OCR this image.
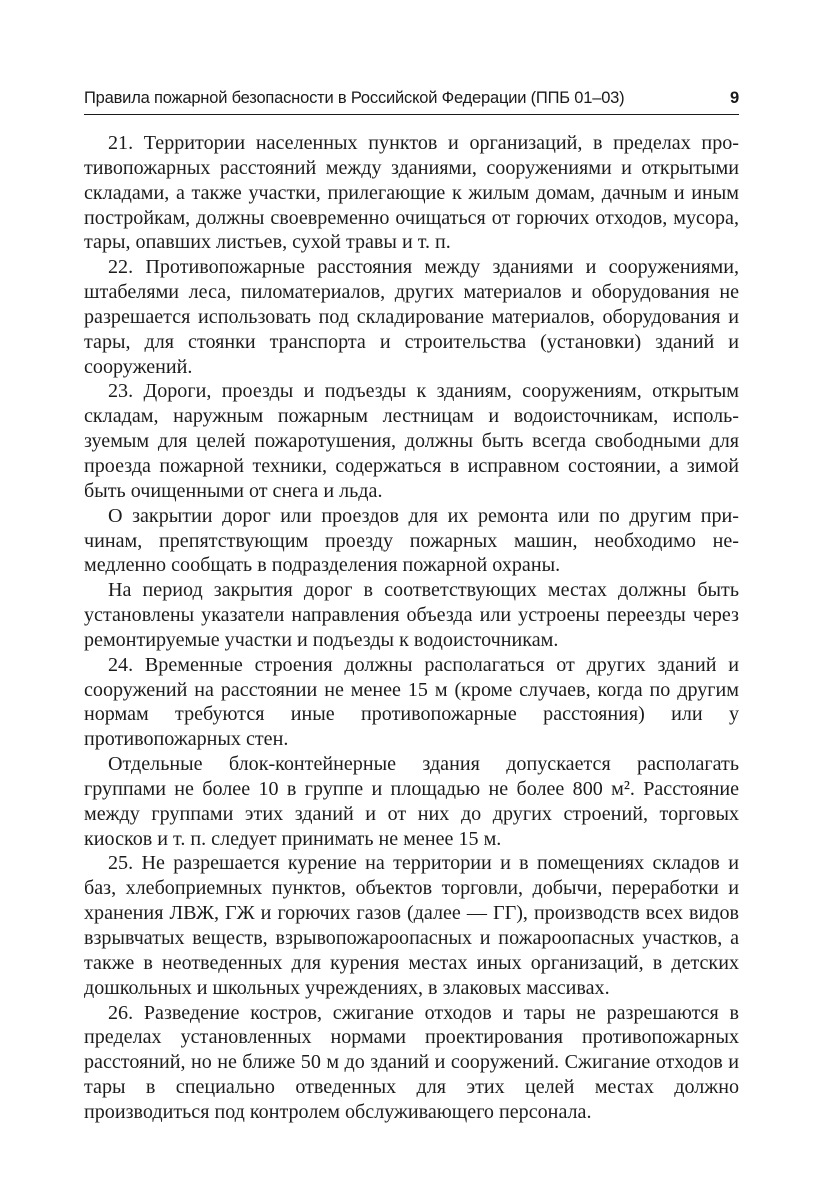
Правила пожарной безопасности в Российской Федерации (ППБ 01–03)	9

21. Территории населенных пунктов и организаций, в пределах противопожарных расстояний между зданиями, сооружениями и открытыми складами, а также участки, прилегающие к жилым домам, дачным и иным постройкам, должны своевременно очищаться от горючих отходов, мусора, тары, опавших листьев, сухой травы и т. п.

22. Противопожарные расстояния между зданиями и сооружениями, штабелями леса, пиломатериалов, других материалов и оборудования не разрешается использовать под складирование материалов, оборудования и тары, для стоянки транспорта и строительства (установки) зданий и сооружений.

23. Дороги, проезды и подъезды к зданиям, сооружениям, открытым складам, наружным пожарным лестницам и водоисточникам, используемым для целей пожаротушения, должны быть всегда свободными для проезда пожарной техники, содержаться в исправном состоянии, а зимой быть очищенными от снега и льда.

О закрытии дорог или проездов для их ремонта или по другим причинам, препятствующим проезду пожарных машин, необходимо немедленно сообщать в подразделения пожарной охраны.

На период закрытия дорог в соответствующих местах должны быть установлены указатели направления объезда или устроены переезды через ремонтируемые участки и подъезды к водоисточникам.

24. Временные строения должны располагаться от других зданий и сооружений на расстоянии не менее 15 м (кроме случаев, когда по другим нормам требуются иные противопожарные расстояния) или у противопожарных стен.

Отдельные блок-контейнерные здания допускается располагать группами не более 10 в группе и площадью не более 800 м². Расстояние между группами этих зданий и от них до других строений, торговых киосков и т. п. следует принимать не менее 15 м.

25. Не разрешается курение на территории и в помещениях складов и баз, хлебоприемных пунктов, объектов торговли, добычи, переработки и хранения ЛВЖ, ГЖ и горючих газов (далее — ГГ), производств всех видов взрывчатых веществ, взрывопожароопасных и пожароопасных участков, а также в неотведенных для курения местах иных организаций, в детских дошкольных и школьных учреждениях, в злаковых массивах.

26. Разведение костров, сжигание отходов и тары не разрешаются в пределах установленных нормами проектирования противопожарных расстояний, но не ближе 50 м до зданий и сооружений. Сжигание отходов и тары в специально отведенных для этих целей местах должно производиться под контролем обслуживающего персонала.
